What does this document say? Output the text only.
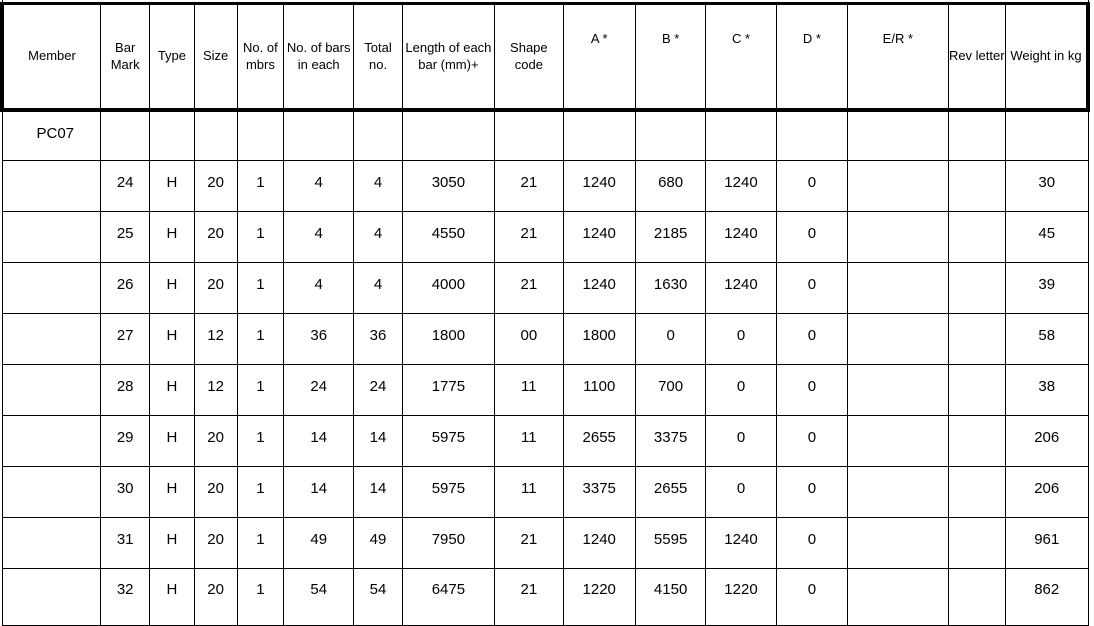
Member	Bar Mark	Type	Size	No. of mbrs	No. of bars in each	Total no.	Length of each bar (mm)+	Shape code	A *	B *	C *	D *	E/R *	Rev letter	Weight in kg
PC07															
	24	H	20	1	4	4	3050	21	1240	680	1240	0			30
	25	H	20	1	4	4	4550	21	1240	2185	1240	0			45
	26	H	20	1	4	4	4000	21	1240	1630	1240	0			39
	27	H	12	1	36	36	1800	00	1800	0	0	0			58
	28	H	12	1	24	24	1775	11	1100	700	0	0			38
	29	H	20	1	14	14	5975	11	2655	3375	0	0			206
	30	H	20	1	14	14	5975	11	3375	2655	0	0			206
	31	H	20	1	49	49	7950	21	1240	5595	1240	0			961
	32	H	20	1	54	54	6475	21	1220	4150	1220	0			862
